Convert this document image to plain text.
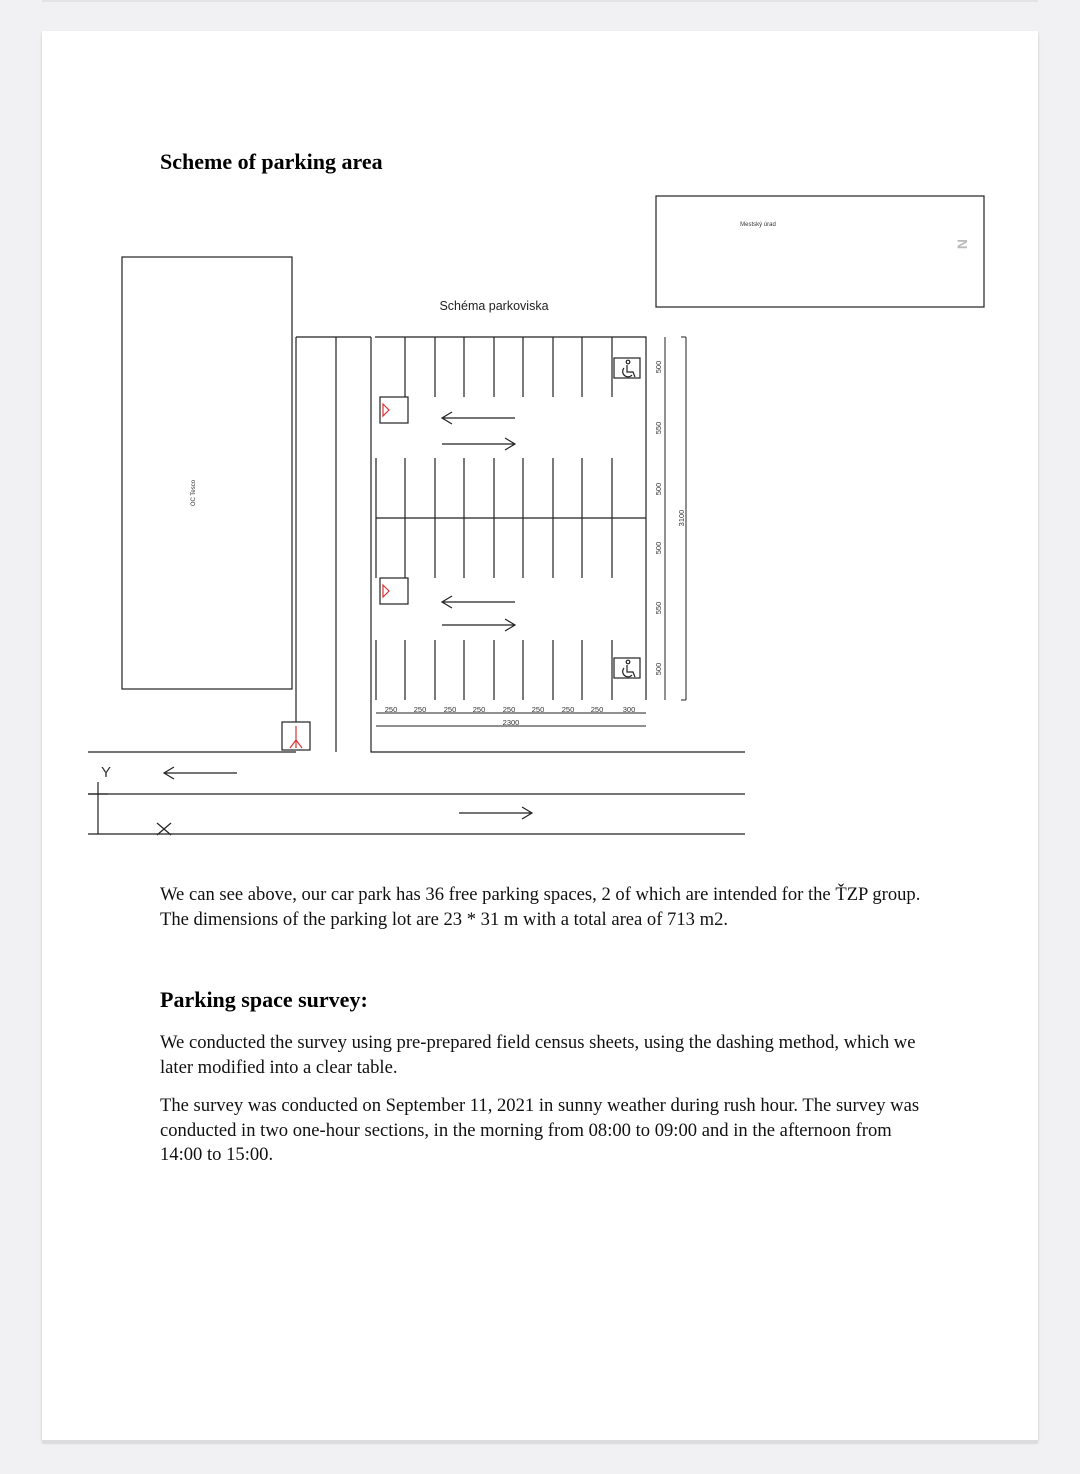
Scheme of parking area
Schéma parkoviska
OC Tesco
Mestský úrad
N
Y
X
250 250 250 250 250 250 250 250	300
2300
500
550
500
500
550
500
3100

We can see above, our car park has 36 free parking spaces, 2 of which are intended for the ŤZP group. The dimensions of the parking lot are 23 * 31 m with a total area of 713 m2.

Parking space survey:

We conducted the survey using pre-prepared field census sheets, using the dashing method, which we later modified into a clear table.

The survey was conducted on September 11, 2021 in sunny weather during rush hour. The survey was conducted in two one-hour sections, in the morning from 08:00 to 09:00 and in the afternoon from 14:00 to 15:00.
